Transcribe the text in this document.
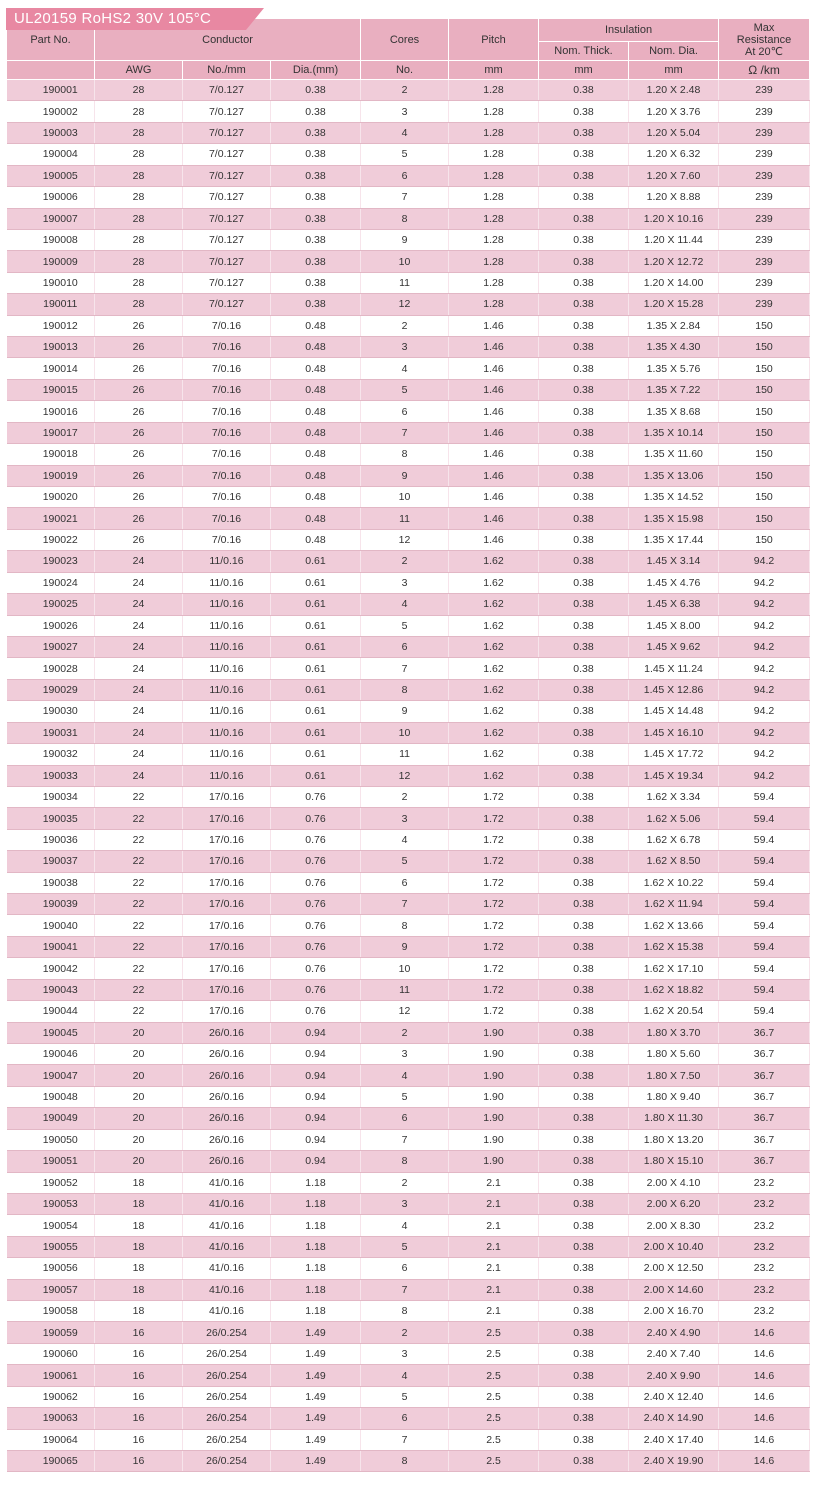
Part No.	Conductor			Cores	Pitch	Insulation		Max
Resistance
At 20℃
						Nom. Thick.	Nom. Dia.	
	AWG	No./mm	Dia.(mm)	No.	mm	mm	mm	Ω /km
190001	28	7/0.127	0.38	2	1.28	0.38	1.20 X 2.48	239
190002	28	7/0.127	0.38	3	1.28	0.38	1.20 X 3.76	239
190003	28	7/0.127	0.38	4	1.28	0.38	1.20 X 5.04	239
190004	28	7/0.127	0.38	5	1.28	0.38	1.20 X 6.32	239
190005	28	7/0.127	0.38	6	1.28	0.38	1.20 X 7.60	239
190006	28	7/0.127	0.38	7	1.28	0.38	1.20 X 8.88	239
190007	28	7/0.127	0.38	8	1.28	0.38	1.20 X 10.16	239
190008	28	7/0.127	0.38	9	1.28	0.38	1.20 X 11.44	239
190009	28	7/0.127	0.38	10	1.28	0.38	1.20 X 12.72	239
190010	28	7/0.127	0.38	11	1.28	0.38	1.20 X 14.00	239
190011	28	7/0.127	0.38	12	1.28	0.38	1.20 X 15.28	239
190012	26	7/0.16	0.48	2	1.46	0.38	1.35 X 2.84	150
190013	26	7/0.16	0.48	3	1.46	0.38	1.35 X 4.30	150
190014	26	7/0.16	0.48	4	1.46	0.38	1.35 X 5.76	150
190015	26	7/0.16	0.48	5	1.46	0.38	1.35 X 7.22	150
190016	26	7/0.16	0.48	6	1.46	0.38	1.35 X 8.68	150
190017	26	7/0.16	0.48	7	1.46	0.38	1.35 X 10.14	150
190018	26	7/0.16	0.48	8	1.46	0.38	1.35 X 11.60	150
190019	26	7/0.16	0.48	9	1.46	0.38	1.35 X 13.06	150
190020	26	7/0.16	0.48	10	1.46	0.38	1.35 X 14.52	150
190021	26	7/0.16	0.48	11	1.46	0.38	1.35 X 15.98	150
190022	26	7/0.16	0.48	12	1.46	0.38	1.35 X 17.44	150
190023	24	11/0.16	0.61	2	1.62	0.38	1.45 X 3.14	94.2
190024	24	11/0.16	0.61	3	1.62	0.38	1.45 X 4.76	94.2
190025	24	11/0.16	0.61	4	1.62	0.38	1.45 X 6.38	94.2
190026	24	11/0.16	0.61	5	1.62	0.38	1.45 X 8.00	94.2
190027	24	11/0.16	0.61	6	1.62	0.38	1.45 X 9.62	94.2
190028	24	11/0.16	0.61	7	1.62	0.38	1.45 X 11.24	94.2
190029	24	11/0.16	0.61	8	1.62	0.38	1.45 X 12.86	94.2
190030	24	11/0.16	0.61	9	1.62	0.38	1.45 X 14.48	94.2
190031	24	11/0.16	0.61	10	1.62	0.38	1.45 X 16.10	94.2
190032	24	11/0.16	0.61	11	1.62	0.38	1.45 X 17.72	94.2
190033	24	11/0.16	0.61	12	1.62	0.38	1.45 X 19.34	94.2
190034	22	17/0.16	0.76	2	1.72	0.38	1.62 X 3.34	59.4
190035	22	17/0.16	0.76	3	1.72	0.38	1.62 X 5.06	59.4
190036	22	17/0.16	0.76	4	1.72	0.38	1.62 X 6.78	59.4
190037	22	17/0.16	0.76	5	1.72	0.38	1.62 X 8.50	59.4
190038	22	17/0.16	0.76	6	1.72	0.38	1.62 X 10.22	59.4
190039	22	17/0.16	0.76	7	1.72	0.38	1.62 X 11.94	59.4
190040	22	17/0.16	0.76	8	1.72	0.38	1.62 X 13.66	59.4
190041	22	17/0.16	0.76	9	1.72	0.38	1.62 X 15.38	59.4
190042	22	17/0.16	0.76	10	1.72	0.38	1.62 X 17.10	59.4
190043	22	17/0.16	0.76	11	1.72	0.38	1.62 X 18.82	59.4
190044	22	17/0.16	0.76	12	1.72	0.38	1.62 X 20.54	59.4
190045	20	26/0.16	0.94	2	1.90	0.38	1.80 X 3.70	36.7
190046	20	26/0.16	0.94	3	1.90	0.38	1.80 X 5.60	36.7
190047	20	26/0.16	0.94	4	1.90	0.38	1.80 X 7.50	36.7
190048	20	26/0.16	0.94	5	1.90	0.38	1.80 X 9.40	36.7
190049	20	26/0.16	0.94	6	1.90	0.38	1.80 X 11.30	36.7
190050	20	26/0.16	0.94	7	1.90	0.38	1.80 X 13.20	36.7
190051	20	26/0.16	0.94	8	1.90	0.38	1.80 X 15.10	36.7
190052	18	41/0.16	1.18	2	2.1	0.38	2.00 X 4.10	23.2
190053	18	41/0.16	1.18	3	2.1	0.38	2.00 X 6.20	23.2
190054	18	41/0.16	1.18	4	2.1	0.38	2.00 X 8.30	23.2
190055	18	41/0.16	1.18	5	2.1	0.38	2.00 X 10.40	23.2
190056	18	41/0.16	1.18	6	2.1	0.38	2.00 X 12.50	23.2
190057	18	41/0.16	1.18	7	2.1	0.38	2.00 X 14.60	23.2
190058	18	41/0.16	1.18	8	2.1	0.38	2.00 X 16.70	23.2
190059	16	26/0.254	1.49	2	2.5	0.38	2.40 X 4.90	14.6
190060	16	26/0.254	1.49	3	2.5	0.38	2.40 X 7.40	14.6
190061	16	26/0.254	1.49	4	2.5	0.38	2.40 X 9.90	14.6
190062	16	26/0.254	1.49	5	2.5	0.38	2.40 X 12.40	14.6
190063	16	26/0.254	1.49	6	2.5	0.38	2.40 X 14.90	14.6
190064	16	26/0.254	1.49	7	2.5	0.38	2.40 X 17.40	14.6
190065	16	26/0.254	1.49	8	2.5	0.38	2.40 X 19.90	14.6
UL20159 RoHS2 30V 105°C
